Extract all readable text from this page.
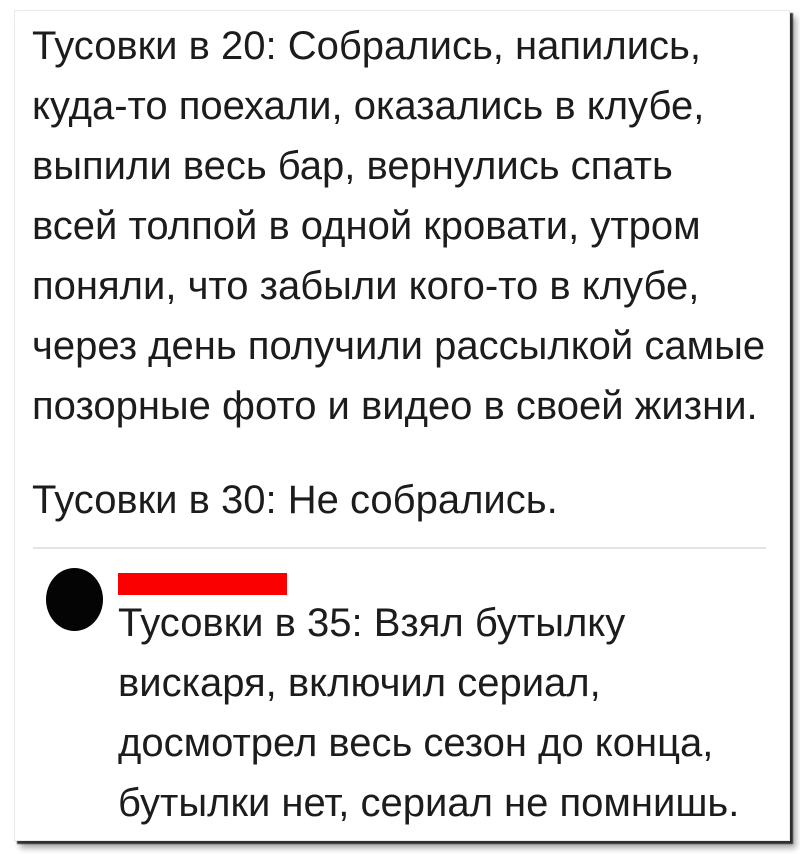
Тусовки в 20: Собрались, напились,
куда-то поехали, оказались в клубе,
выпили весь бар, вернулись спать
всей толпой в одной кровати, утром
поняли, что забыли кого-то в клубе,
через день получили рассылкой самые
позорные фото и видео в своей жизни.
Тусовки в 30: Не собрались.
Тусовки в 35: Взял бутылку
вискаря, включил сериал,
досмотрел весь сезон до конца,
бутылки нет, сериал не помнишь.
